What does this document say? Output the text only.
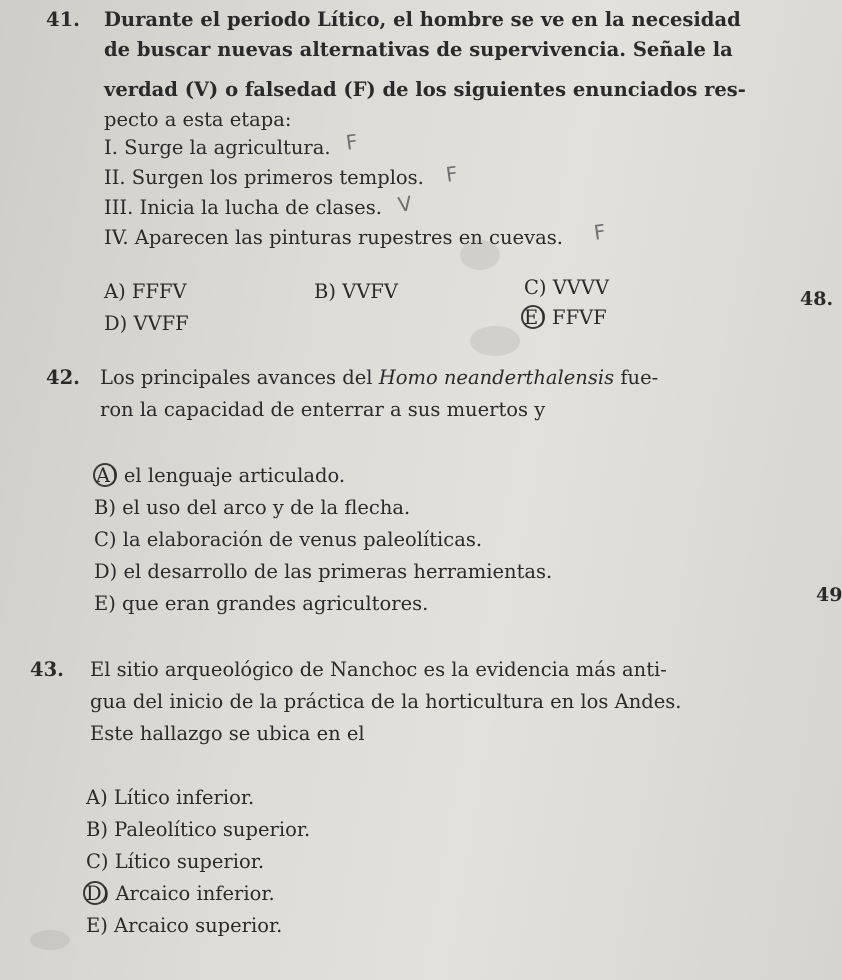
41. Durante el periodo Lítico, el hombre se ve en la necesidad
de buscar nuevas alternativas de supervivencia. Señale la
verdad (V) o falsedad (F) de los siguientes enunciados res-
pecto a esta etapa:
I. Surge la agricultura. F
II. Surgen los primeros templos. F
III. Inicia la lucha de clases. V
IV. Aparecen las pinturas rupestres en cuevas. F
A) FFFV	B) VVFV	C) VVVV
D) VVFF	E) FFVF
48.
42. Los principales avances del Homo neanderthalensis fue-
ron la capacidad de enterrar a sus muertos y
A) el lenguaje articulado.
B) el uso del arco y de la flecha.
C) la elaboración de venus paleolíticas.
D) el desarrollo de las primeras herramientas.
E) que eran grandes agricultores.	49
43. El sitio arqueológico de Nanchoc es la evidencia más anti-
gua del inicio de la práctica de la horticultura en los Andes.
Este hallazgo se ubica en el
A) Lítico inferior.
B) Paleolítico superior.
C) Lítico superior.
D) Arcaico inferior.
E) Arcaico superior.
